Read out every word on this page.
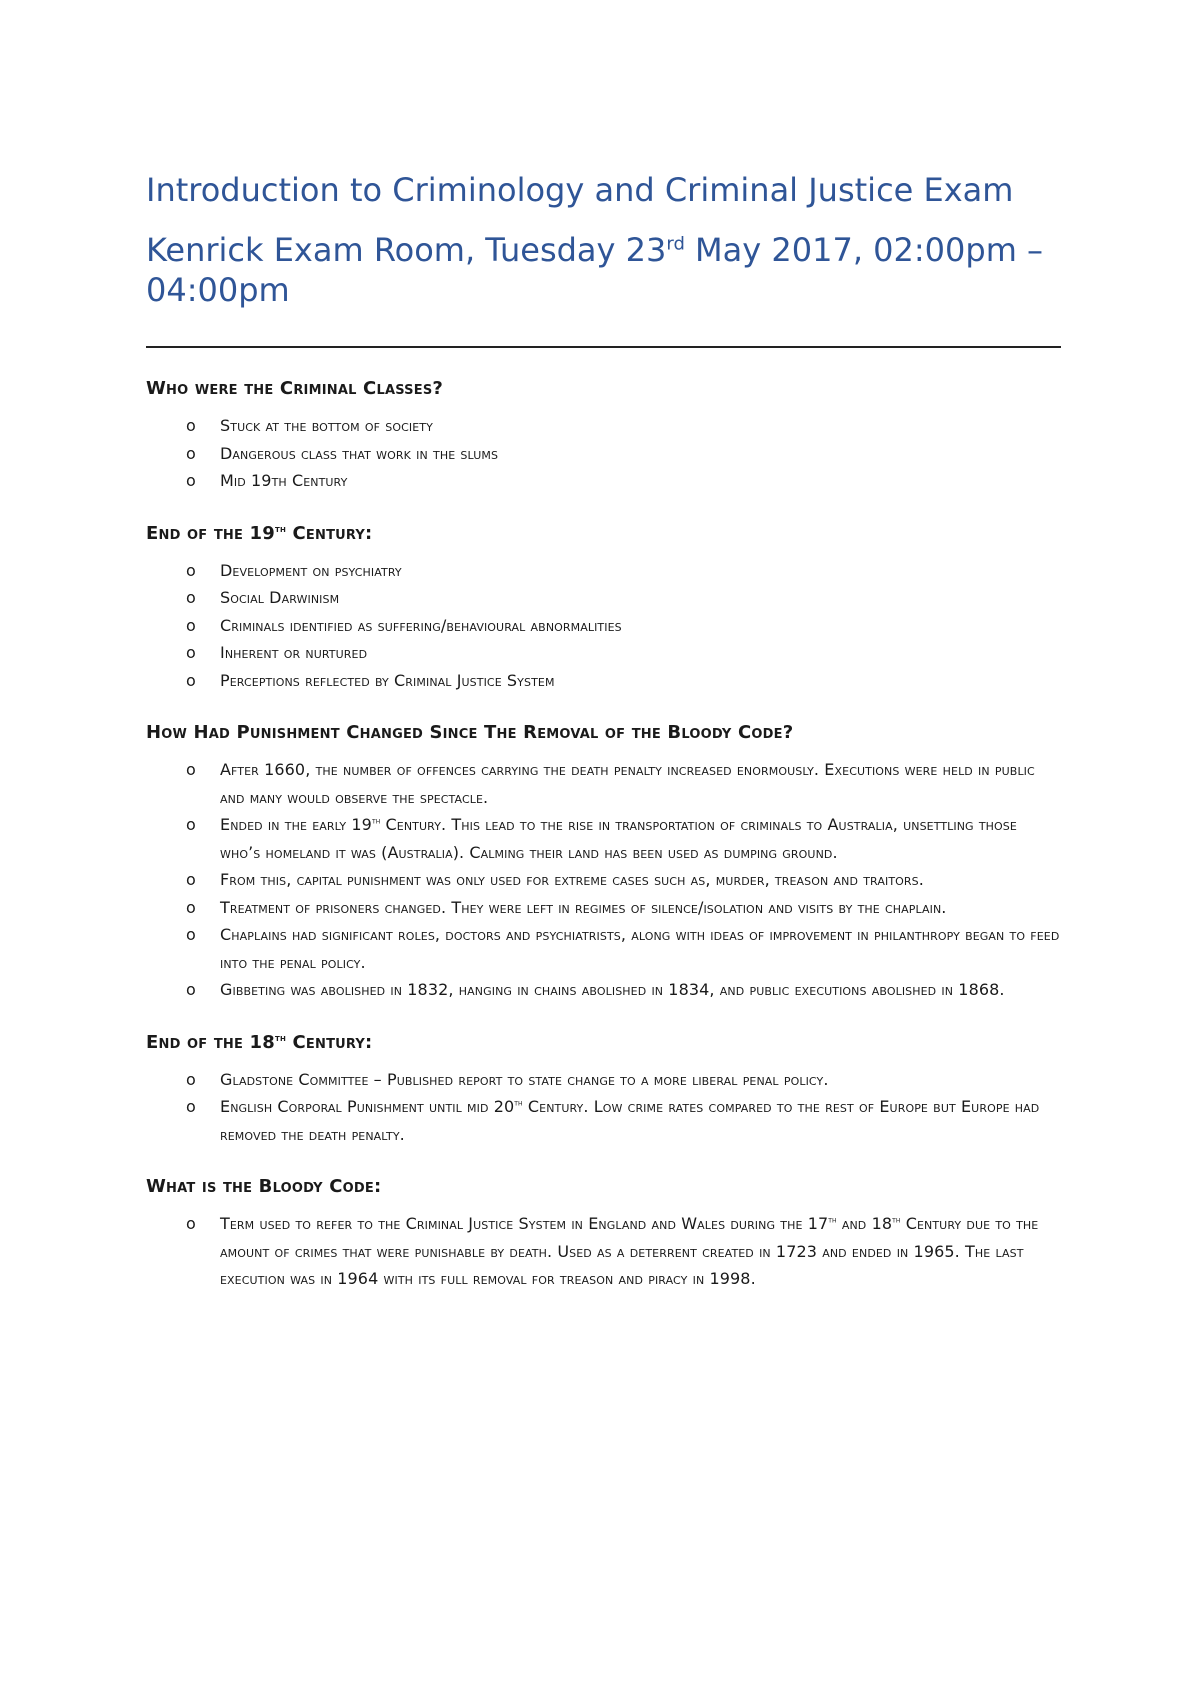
Introduction to Criminology and Criminal Justice Exam
Kenrick Exam Room, Tuesday 23rd May 2017, 02:00pm – 04:00pm
Who were the Criminal Classes?
o Stuck at the bottom of society
o Dangerous class that work in the slums
o Mid 19th Century
End of the 19th Century:
o Development on psychiatry
o Social Darwinism
o Criminals identified as suffering/behavioural abnormalities
o Inherent or nurtured
o Perceptions reflected by Criminal Justice System
How Had Punishment Changed Since The Removal of the Bloody Code?
o After 1660, the number of offences carrying the death penalty increased enormously. Executions were held in public and many would observe the spectacle.
o Ended in the early 19th Century. This lead to the rise in transportation of criminals to Australia, unsettling those who’s homeland it was (Australia). Calming their land has been used as dumping ground.
o From this, capital punishment was only used for extreme cases such as, murder, treason and traitors.
o Treatment of prisoners changed. They were left in regimes of silence/isolation and visits by the chaplain.
o Chaplains had significant roles, doctors and psychiatrists, along with ideas of improvement in philanthropy began to feed into the penal policy.
o Gibbeting was abolished in 1832, hanging in chains abolished in 1834, and public executions abolished in 1868.
End of the 18th Century:
o Gladstone Committee – Published report to state change to a more liberal penal policy.
o English Corporal Punishment until mid 20th Century. Low crime rates compared to the rest of Europe but Europe had removed the death penalty.
What is the Bloody Code:
o Term used to refer to the Criminal Justice System in England and Wales during the 17th and 18th Century due to the amount of crimes that were punishable by death. Used as a deterrent created in 1723 and ended in 1965. The last execution was in 1964 with its full removal for treason and piracy in 1998.
